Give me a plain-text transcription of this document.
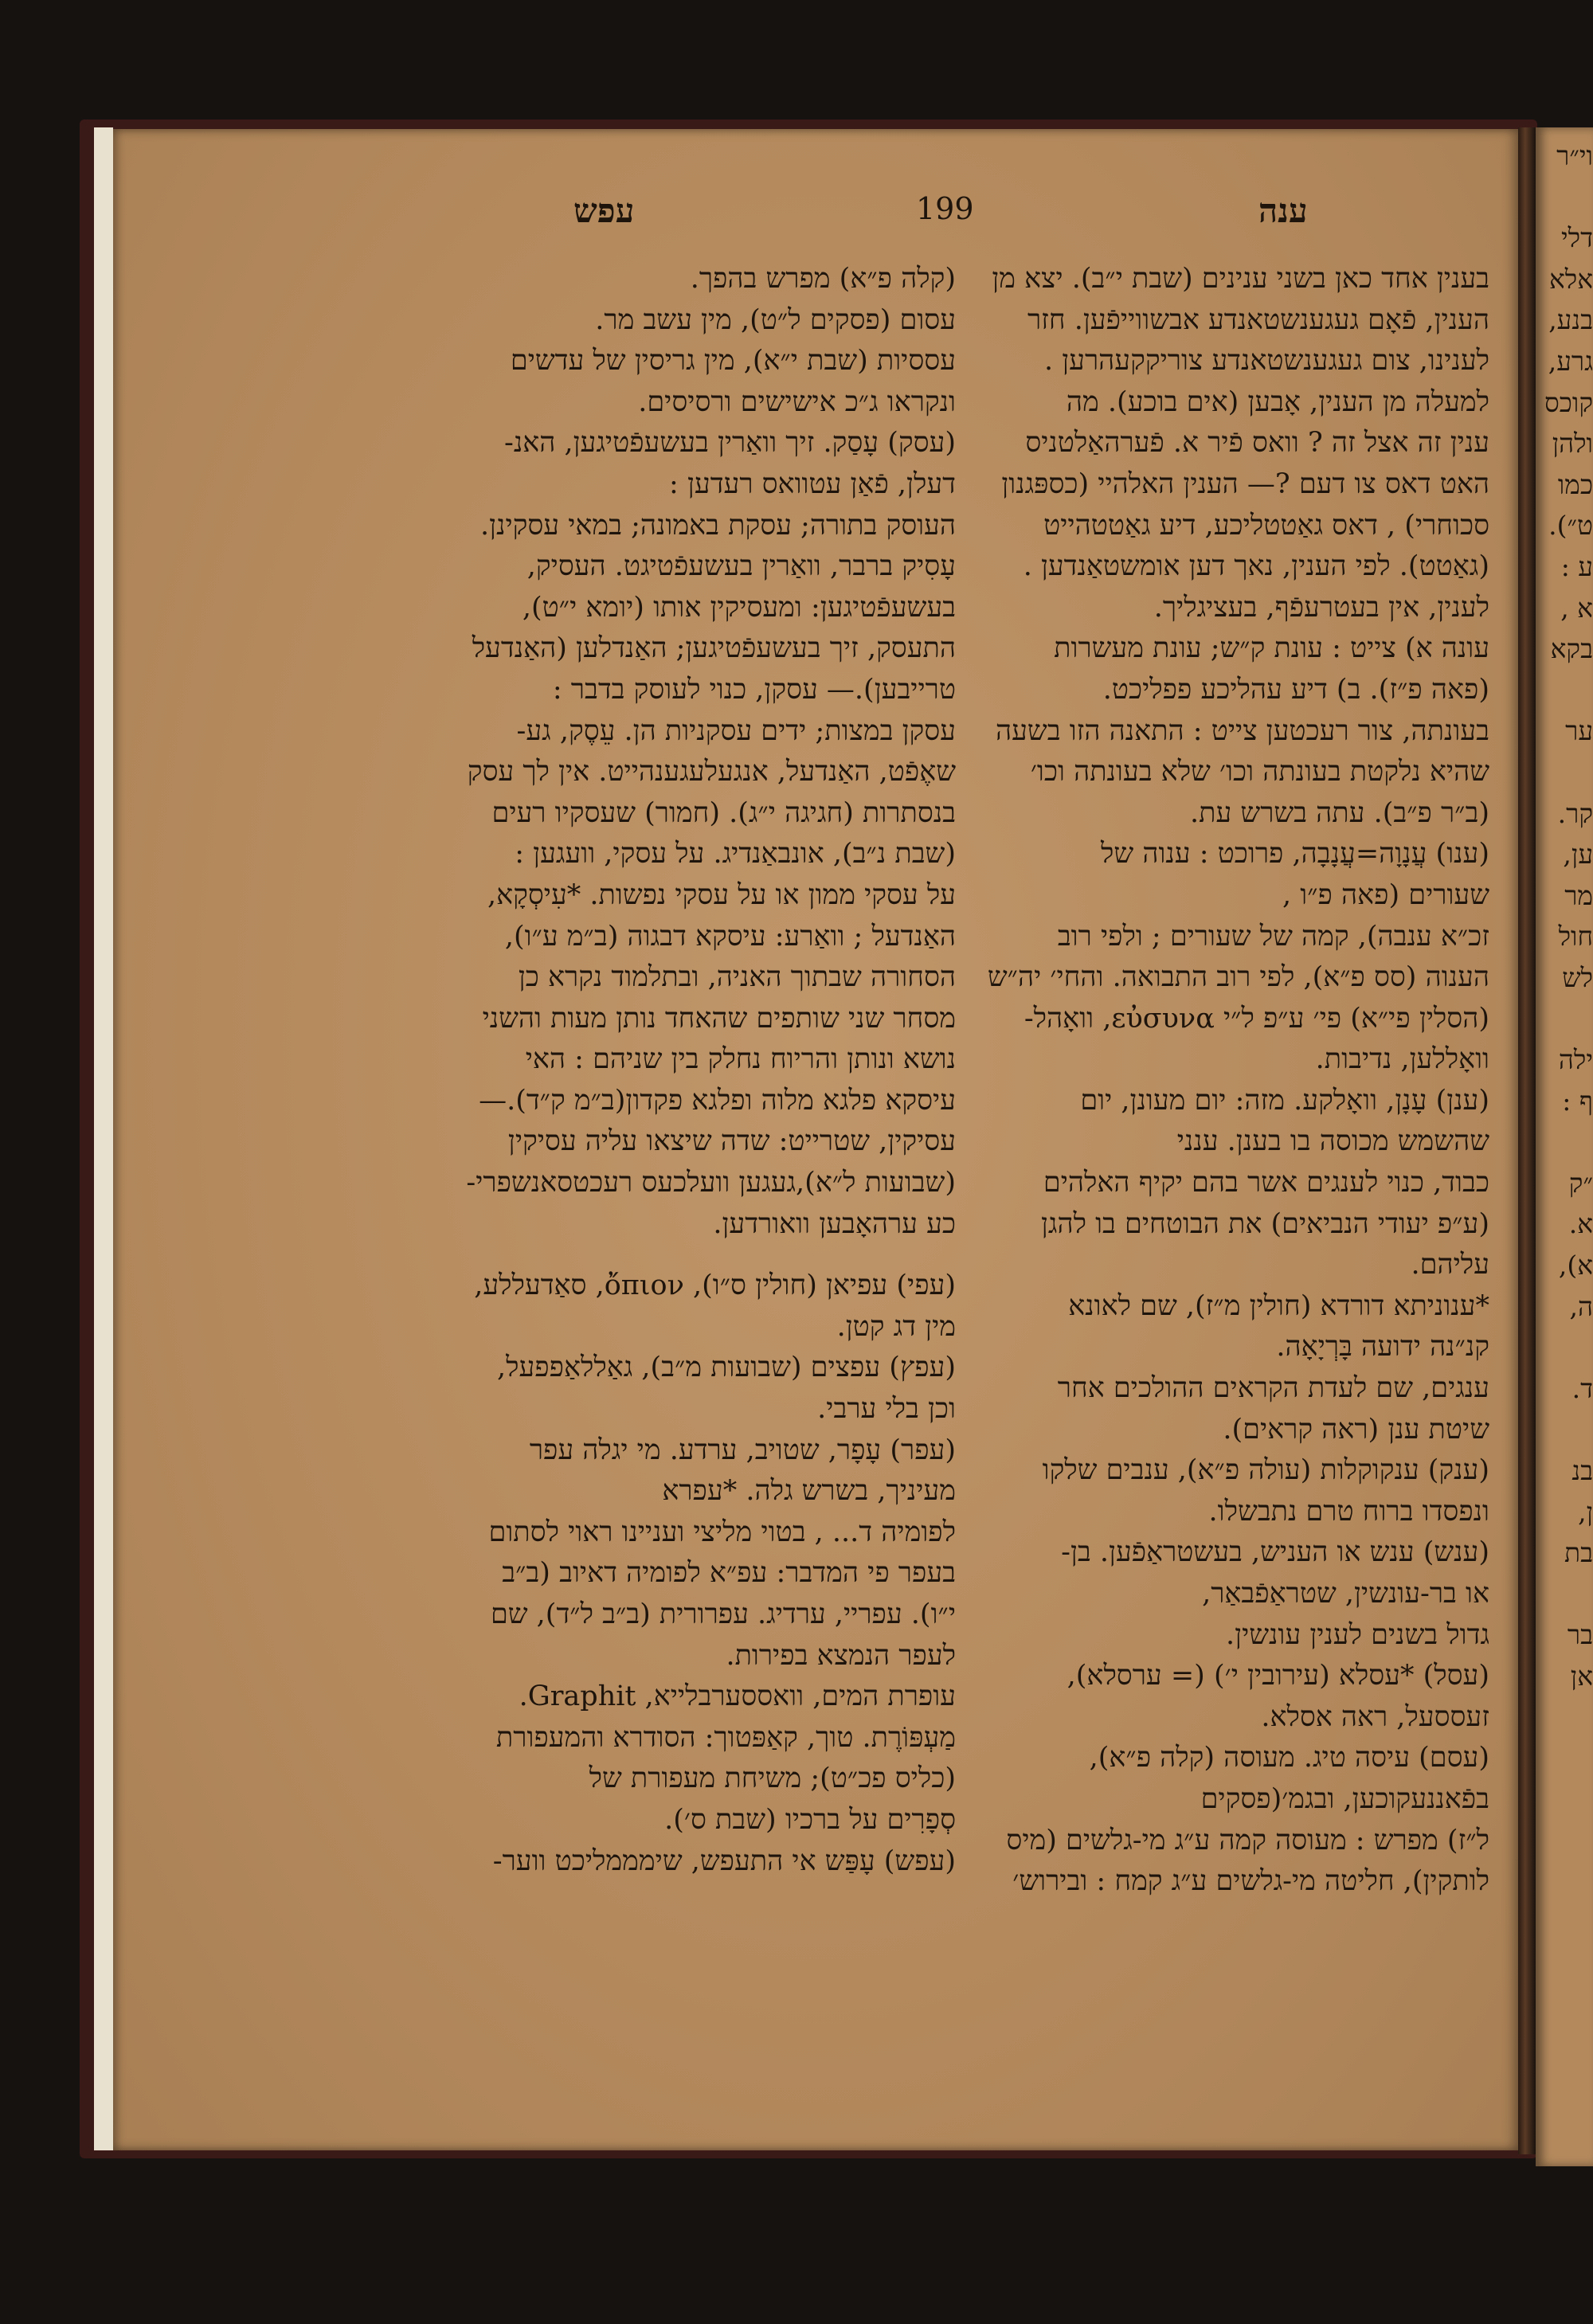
עפש	199	ענה

(קלה פ״א) מפרש בהפך.

עסום (פסקים ל״ט), מין עשב מר.

עססיות (שבת י״א), מין גריסין של עדשים

ונקראו ג״כ אישישים ורסיסים.

(עסק) עָסַק. זיך וואַרין בעשעפֿטיגען, האנ-

דעלן, פֿאַן עטוואס רעדען :

העוסק בתורה; עסקת באמונה; במאי עסקינן.

עָסִיק ברבר, וואַרין בעשעפֿטיגט. העסיק,

בעשעפֿטיגען: ומעסיקין אותו (יומא י״ט),

התעסק, זיך בעשעפֿטיגען; האַנדלען (האַנדעל

טרייבען).— עסקן, כנוי לעוסק בדבר :

עסקן במצות; ידים עסקניות הן. עֵסֶק, גע-

שאֶפֿט, האַנדעל, אנגעלעגענהייט. אין לך עסק

בנסתרות (חגיגה י״ג). (חמור) שעסקיו רעים

(שבת נ״ב), אונבאַנדיג. על עסקי, וועגען :

על עסקי ממון או על עסקי נפשות. *עִיסְקָא,

האַנדעל ; וואַרע: עיסקא דבגוה (ב״מ ע״ו),

הסחורה שבתוך האניה, ובתלמוד נקרא כן

מסחר שני שותפים שהאחד נותן מעות והשני

נושא ונותן והריוח נחלק בין שניהם : האי

עיסקא פלגא מלוה ופלגא פקדון(ב״מ ק״ד).—

עסיקין, שטרייט: שדה שיצאו עליה עסיקין

(שבועות ל״א),געגען וועלכעס רעכטסאנשפרי-

כע ערהאָבען וואורדען.

(עפי) עפיאן (חולין ס״ו), ὄπιον, סאַדעללע,

מין דג קטן.

(עפץ) עפצים (שבועות מ״ב), גאַללאַפפעל,

וכן בלי ערבי.

(עפר) עָפָר, שטויב, ערדע. מי יגלה עפר

מעיניך, בשרש גלה. *עפרא

לפומיה ד... , בטוי מליצי ועניינו ראוי לסתום

בעפר פי המדבר: עפ״א לפומיה דאיוב (ב״ב

י״ו). עפריי, ערדיג. עפרורית (ב״ב ל״ד), שם

לעפר הנמצא בפירות.

עופרת המים, וואססערבלייא, Graphit.

מַעְפּוֹרֶת. טוך, קאַפּטוך: הסודרא והמעפורת

(כליס פכ״ט); משיחת מעפורת של

סְפָרִים על ברכיו (שבת ס׳).

(עפש) עָפַּש אי התעפש, שימממליכט ווער-

בענין אחד כאן בשני ענינים (שבת י״ב). יצא מן

הענין, פֿאָם געגענשטאנדע אבשווייפֿען. חזר

לענינו, צום געגענשטאנדע צוריקקעהרען .

למעלה מן הענין, אָבען (אים בוכע). מה

ענין זה אצל זה ? וואס פֿיר א. פֿערהאַלטניס

האט דאס צו דעם ?— הענין האלהיי (כספּגנון

סכוחרי) , דאס גאַטטליכע, דיע גאַטטהייט

(גאַטט). לפי הענין, נאך דען אומשטאַנדען .

לענין, אין בעטרעפֿף, בעציגליך.

עונה א) צייט : עונת ק״ש; עונת מעשרות

(פאה פ״ז). ב) דיע עהליכע פפליכט.

בעונתה, צור רעכטען צייט : התאנה הזו בשעה

שהיא נלקטת בעונתה וכו׳ שלא בעונתה וכו׳

(ב״ר פ״ב). עתה בשרש עת.

(ענו) עֲנָוָה=עֲנָבָה, פרוכט : ענוה של

שעורים (פאה פ״ו ,

זכ״א ענבה), קמה של שעורים ; ולפי רוב

הענוה (סס פ״א), לפי רוב התבואה. והחי׳ יה״ש

(הסלין פי״א) פי׳ ע״פ ל״י εὐσυνα, וואָהל-

וואָללען, נדיבות.

(ענן) עָנָן, וואָלקע. מזה: יום מעונן, יום

שהשמש מכוסה בו בענן. ענני

כבוד, כנוי לענגים אשר בהם יקיף האלהים

(ע״פ יעודי הנביאים) את הבוטחים בו להגן

עליהם.

*ענוניתא דורדא (חולין מ״ז), שם לאונא

קנ״נה ידועה בָּרְיָאָה.

ענגים, שם לעדת הקראים ההולכים אחר

שיטת ענן (ראה קראים).

(ענק) ענקוקלות (עולה פ״א), ענבים שלקו

ונפסדו ברוח טרם נתבשלו.

(ענש) ענש או העניש, בעשטראַפֿען. בן-

או בר-עונשין, שטראַפֿבאַר,

גדול בשנים לענין עונשין.

(עסל) *עסלא (עירובין י׳) (= ערסלא),

זעססעל, ראה אסלא.

(עסם) עיסה טיג. מעוסה (קלה פ״א),

בפֿאננעקוכען, ובגמ׳(פסקים

ל״ז) מפרש : מעוסה קמה ע״ג מי-גלשים (מיס

לותקין), חליטה מי-גלשים ע״ג קמח : ובירוש׳

וי״ר

דלי

אלא

בנע,

גרע,

קוכס

ולהן

כמו

ט״).

ע :

א ,

בקא

ער

קר.

ען,

מר

חול

לש

ילה

ף :

״ק

א.

א),

ה,

ד.

בנ

ן,

בת

בר

אן
